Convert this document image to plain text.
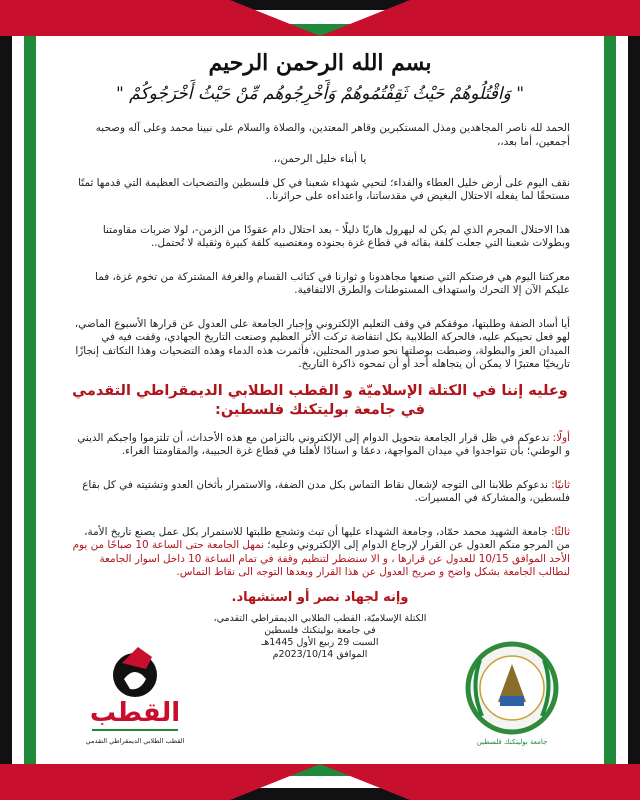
بسم الله الرحمن الرحيم
" وَاقْتُلُوهُمْ حَيْثُ ثَقِفْتُمُوهُمْ وَأَخْرِجُوهُم مِّنْ حَيْثُ أَخْرَجُوكُمْ "

الحمد لله ناصر المجاهدين ومذل المستكبرين وقاهر المعتدين، والصلاة والسلام على نبينا محمد وعلى آله وصحبه أجمعين، أما بعد،،

يا أبناء خليل الرحمن،،

نقف اليوم على أرض خليل العطاء والفداء؛ لنحيي شهداء شعبنا في كل فلسطين والتضحيات العظيمة التي قدمها ثمنًا مستحقًا لما يفعله الاحتلال البغيض في مقدساتنا، واعتداءه على حرائرنا..

هذا الاحتلال المجرم الذي لم يكن له ليهرول هاربًا ذليلًا - بعد احتلال دام عقودًا من الزمن-، لولا ضربات مقاومتنا وبطولات شعبنا التي جعلت كلفة بقائه في قطاع غزة بجنوده ومغتصبيه كلفة كبيرة وثقيلة لا تُحتمل..

معركتنا اليوم هي فرصتكم التي صنعها مجاهدونا و ثوارنا في كتائب القسام والغرفة المشتركة من تخوم غزة، فما عليكم الآن إلا التحرك واستهداف المستوطنات والطرق الالتفافية.

أيا أساد الضفة وطلبتها، موقفكم في وقف التعليم الإلكتروني وإجبار الجامعة على العدول عن قرارها الأسبوع الماضي، لهو فعل نحييكم عليه، فالحركة الطلابية بكل انتفاضة تركت الأثر العظيم وصنعت التاريخ الجهادي، وقفت فيه في الميدان العز والبطولة، وضبطت بوصلتها نحو صدور المحتلين، فأثمرت هذه الدماء وهذه التضحيات وهذا التكاتف إنجازًا تاريخيًا معتبرًا لا يمكن أن يتجاهله أحد أو أن تمحوه ذاكرة التاريخ.

وعليه إننا في الكتلة الإسلاميّة و القطب الطلابي الديمقراطي التقدمي في جامعة بوليتكنك فلسطين:

أولًا: ندعوكم في ظل قرار الجامعة بتحويل الدوام إلى الإلكتروني بالتزامن مع هذه الأحداث، أن تلتزموا واجبكم الديني و الوطني؛ بأن تتواجدوا في ميدان المواجهة، دعمًا و اسنادًا لأهلنا في قطاع غزة الحبيبة، والمقاومتنا الغراء.

ثانيًا: ندعوكم طلابنا الى التوجه لإشعال نقاط التماس بكل مدن الضفة، والاستمرار بأثخان العدو وتشتيته في كل بقاع فلسطين، والمشاركة في المسيرات.

ثالثًا: جامعة الشهيد محمد حمّاد، وجامعة الشهداء عليها أن تبث وتشجع طلبتها للاستمرار بكل عمل يصنع تاريخ الأمة، من المرجو منكم العدول عن القرار لإرجاع الدوام إلى الإلكتروني وعليه؛ نمهل الجامعة حتى الساعة 10 صباحًا من يوم الأحد الموافق 10/15 للعدول عن قرارها ، و الا سنضطر لتنظيم وقفة في تمام الساعة 10 داخل اسوار الجامعة لنطالب الجامعة بشكل واضح و صريح العدول عن هذا القرار وبعدها التوجه الى نقاط التماس.

وإنه لجهاد نصر أو استشهاد.

الكتلة الإسلاميّة، القطب الطلابي الديمقراطي التقدمي،

في جامعة بوليتكنك فلسطين

السبت 29 ربيع الأول 1445هـ

الموافق 2023/10/14م

جامعة بوليتكنك فلسطين
القطب
القطب الطلابي الديمقراطي التقدمي
